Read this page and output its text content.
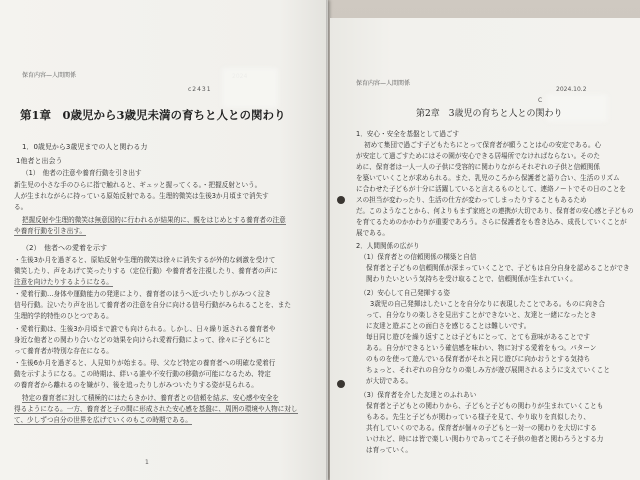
保育内容—人間関係
c2431
第1章　0歳児から3歳児未満の育ちと人との関わり
1．0歳児から3歳児までの人と関わる力
1他者と出会う
（1）　他者の注意や養育行動を引き出す
新生児の小さな手のひらに指で触れると、ギュッと握ってくる。・把握反射という。
人が生まれながらに持っている原始反射である。生理的微笑は生後3か月頃まで消失す
る。
把握反射や生理的微笑は無意図的に行われるが結果的に、親をはじめとする養育者の注意
や養育行動を引き出す。
（2）　他者への愛着を示す
・生後3か月を過ぎると、原始反射や生理的微笑は徐々に消失するが外的な刺激を受けて
微笑したり、声をあげて笑ったりする（定位行動）や養育者を注視したり、養育者の声に
注意を向けたりするようになる。
・愛着行動…身体や運動能力の発達により、養育者のほうへ近づいたりしがみつく泣き
信号行動。泣いたり声を出して養育者の注意を自分に向ける信号行動がみられることを、また
生理的学的特性のひとつである。
・愛着行動は、生後3か月頃まで誰でも向けられる。しかし、日々繰り返される養育者や
身近な他者との関わり合いなどの効果を向けられ愛着行動によって、徐々に子どもにと
って養育者が特別な存在になる。
・生後6か月を過ぎると、人見知りが始まる。母、父など特定の養育者への明確な愛着行
動を示すようになる。この時期は、絆いる誰や不安行動の移動が可能になるため、特定
の養育者から離れるのを嫌がり、後を追ったりしがみついたりする姿が見られる。
特定の養育者に対して積極的にはたらきかけ、養育者との信頼を結ぶ、安心感や安全を
得るようになる。一方、養育者と子の間に形成された安心感を基盤に、周囲の環境や人物に対し
て、少しずつ自分の世界を広げていくのもこの時期である。
1
保育内容—人間関係
2024.10.2
C
第2章　3歳児の育ちと人との関わり
1．安心・安全を基盤として過ごす
初めて集団で過ごす子どもたちにとって保育者が願うことは心の安定である。心
が安定して過ごすためにはその園が安心できる居場所でなければならない。そのた
めに、保育者は一人一人の子供に受容的に関わりながらそれぞれの子供と信頼関係
を築いていくことが求められる。また、乳児のころから保護者と語り合い、生活のリズム
に合わせた子どもが十分に活躍していると言えるものとして、連絡ノートでその日のことを
スの担当が変わったり、生活の仕方が変わってしまったりすることもあるため
だ。このようなことから、何よりもまず家庭との連携が大切であり、保育者の安心感と子どもの
を育てるためのかかわりが重要であろう。さらに保護者をも巻き込み、成長していくことが
展である。
2．人間関係の広がり
（1）保育者との信頼関係の構築と自信
保育者と子どもの信頼関係が深まっていくことで、子どもは自分自身を認めることができ
関わりたいという気持ちを受け取ることで、信頼関係が生まれていく。
（2）安心して自己発揮する姿
3歳児の自己発揮はしたいことを自分なりに表現したことである。ものに向き合
って、自分なりの楽しさを見出すことができないと、友達と一緒になったとき
に友達と遊ぶことの面白さを感じることは難しいです。
毎日同じ遊びを繰り返すことは子どもにとって、とても意味があることです
ある。自分ができるという確信感を味わい、物に対する愛着をもつ。パターン
のものを使って遊んでいる保育者がそれと同じ遊びに向かおうとする気持ち
ちょっと、それぞれの自分なりの楽しみ方が遊び展開されるように支えていくこと
が大切である。
（3）保育者を介した友達とのふれあい
保育者と子どもとの関わりから、子どもと子どもの関わりが生まれていくことも
もある。先生と子どもが関わっている様子を見て、やり取りを真似したり、
共有していくのである。保育者が個々の子どもと一対一の関わりを大切にする
いけれど、時には皆で楽しい関わりであってこそ子供の他者と関わろうとする力
は育っていく。
